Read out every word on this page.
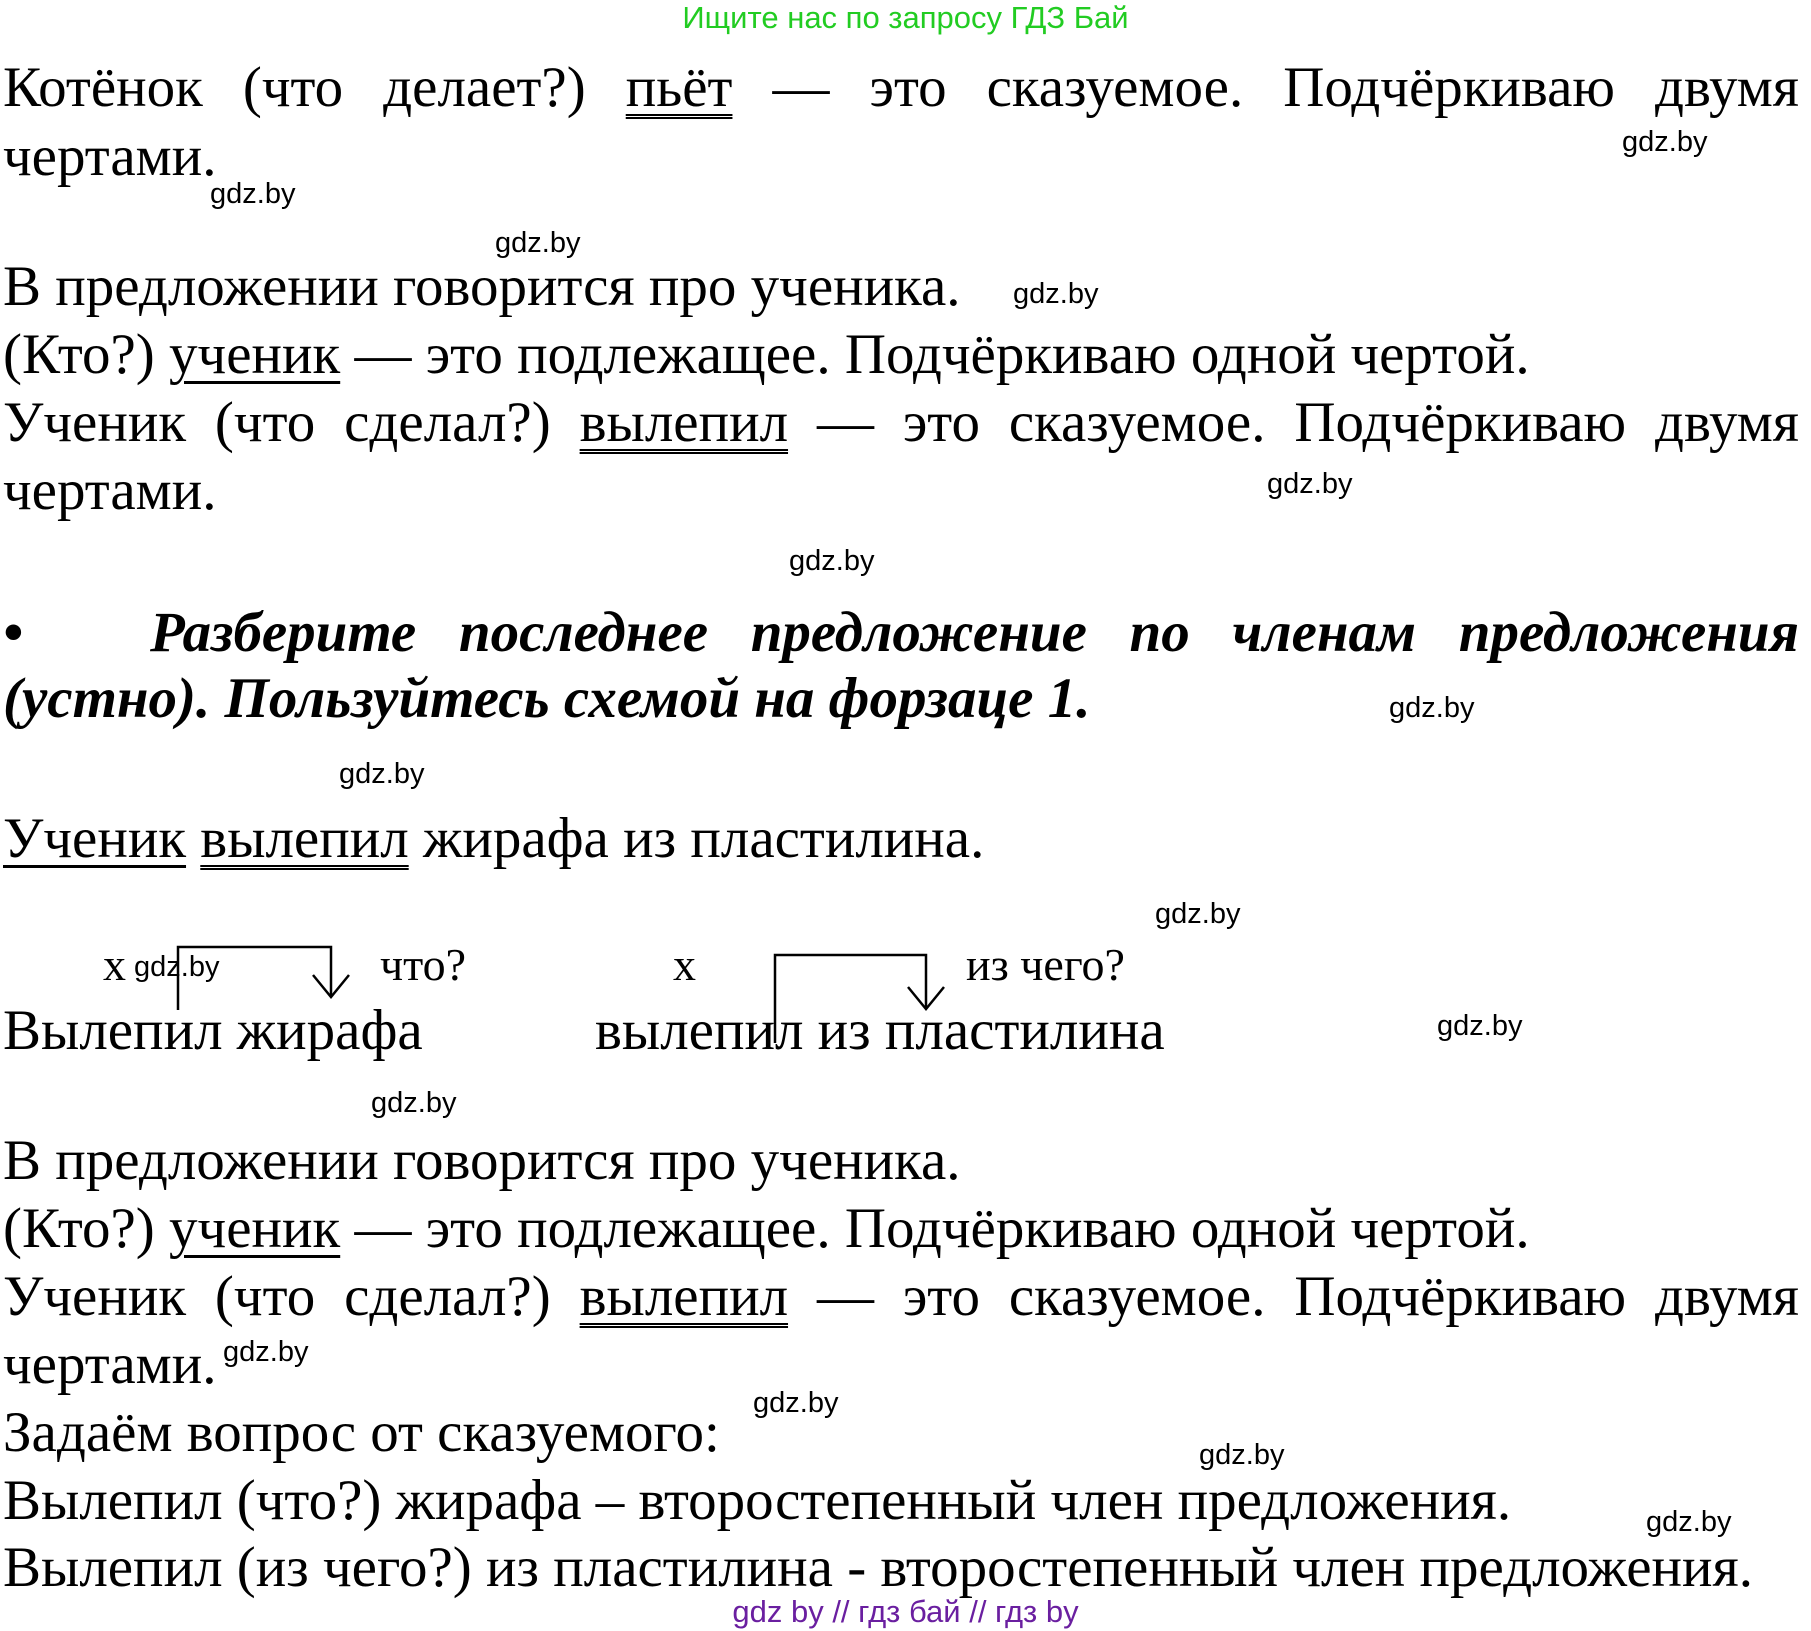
Ищите нас по запросу ГДЗ Бай
Котёнок (что делает?) пьёт — это сказуемое. Подчёркиваю двумя
чертами.
В предложении говорится про ученика.
(Кто?) ученик — это подлежащее. Подчёркиваю одной чертой.
Ученик (что сделал?) вылепил — это сказуемое. Подчёркиваю двумя
чертами.
•	Разберите последнее предложение по членам предложения
(устно). Пользуйтесь схемой на форзаце 1.
Ученик вылепил жирафа из пластилина.
х	что?
Вылепил жирафа
х	из чего?
вылепил из пластилина
В предложении говорится про ученика.
(Кто?) ученик — это подлежащее. Подчёркиваю одной чертой.
Ученик (что сделал?) вылепил — это сказуемое. Подчёркиваю двумя
чертами.
Задаём вопрос от сказуемого:
Вылепил (что?) жирафа – второстепенный член предложения.
Вылепил (из чего?) из пластилина - второстепенный член предложения.
gdz.by
gdz.by
gdz.by
gdz.by
gdz.by
gdz.by
gdz.by
gdz.by
gdz.by
gdz.by
gdz.by
gdz.by
gdz.by
gdz.by
gdz.by
gdz.by
gdz by // гдз бай // гдз by
